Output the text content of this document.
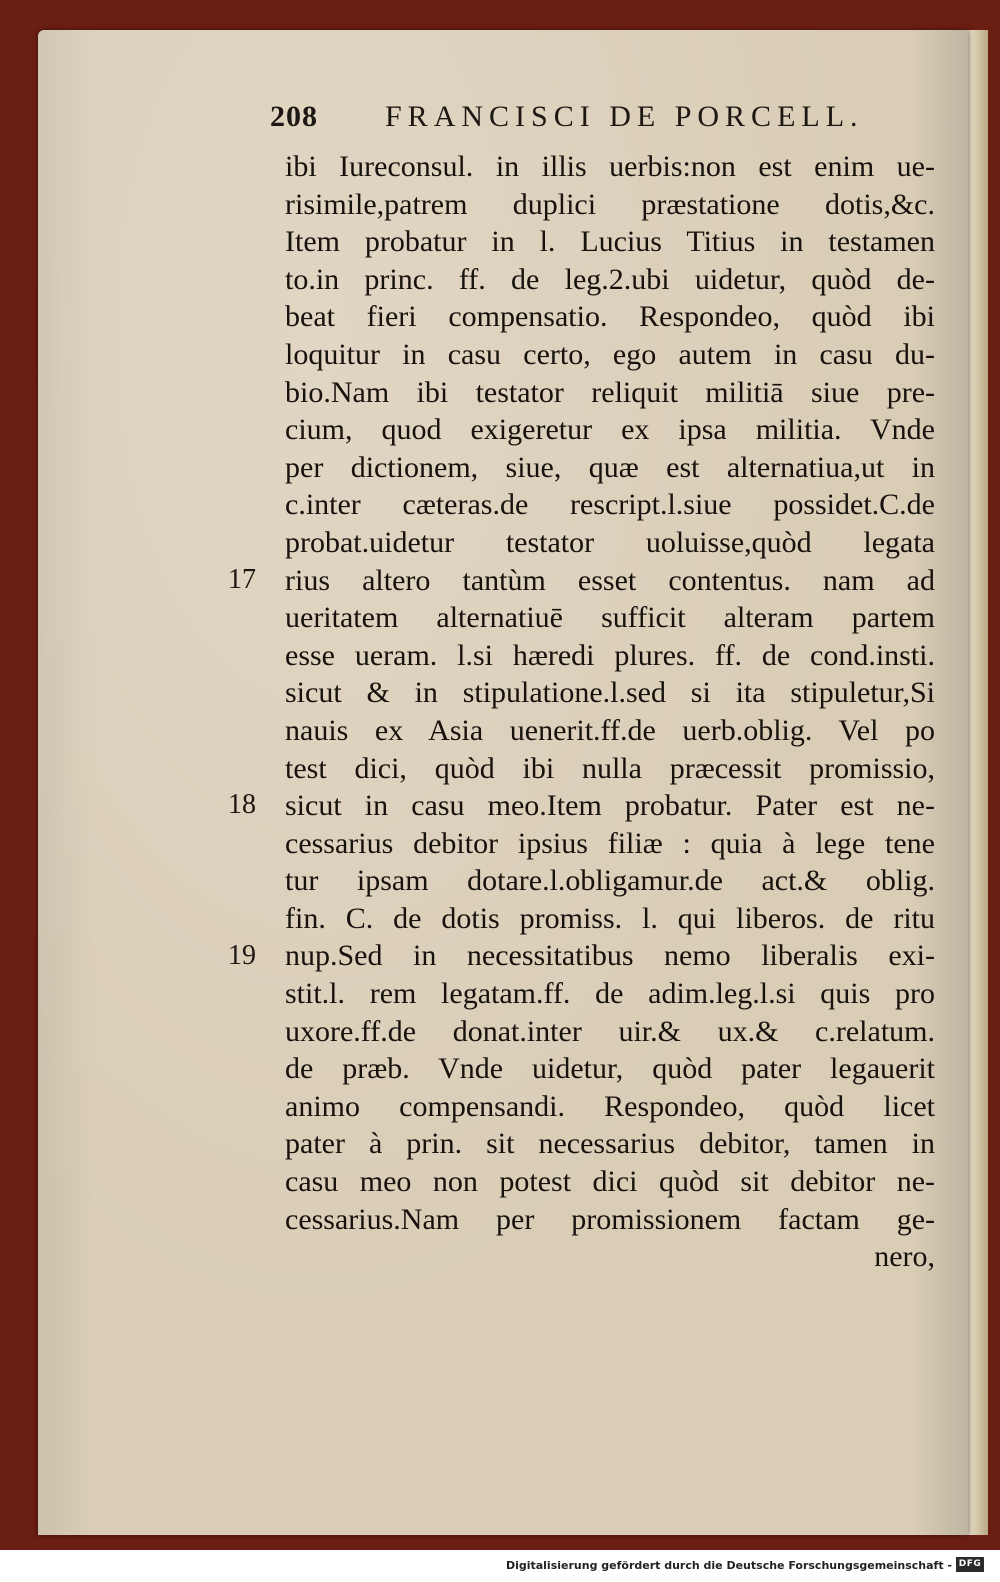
208 FRANCISCI DE PORCELL.
ibi Iureconsul. in illis uerbis:non est enim ue-
risimile,patrem duplici præstatione dotis,&c.
Item probatur in l. Lucius Titius in testamen
to.in princ. ff. de leg.2.ubi uidetur, quòd de-
beat fieri compensatio. Respondeo, quòd ibi
loquitur in casu certo, ego autem in casu du-
bio.Nam ibi testator reliquit militiā siue pre-
cium, quod exigeretur ex ipsa militia. Vnde
per dictionem, siue, quæ est alternatiua,ut in
c.inter cæteras.de rescript.l.siue possidet.C.de
probat.uidetur testator uoluisse,quòd legata
rius altero tantùm esset contentus. nam ad
ueritatem alternatiuē sufficit alteram partem
esse ueram. l.si hæredi plures. ff. de cond.insti.
sicut & in stipulatione.l.sed si ita stipuletur,Si
nauis ex Asia uenerit.ff.de uerb.oblig. Vel po
test dici, quòd ibi nulla præcessit promissio,
sicut in casu meo.Item probatur. Pater est ne-
cessarius debitor ipsius filiæ : quia à lege tene
tur ipsam dotare.l.obligamur.de act.& oblig.
fin. C. de dotis promiss. l. qui liberos. de ritu
nup.Sed in necessitatibus nemo liberalis exi-
stit.l. rem legatam.ff. de adim.leg.l.si quis pro
uxore.ff.de donat.inter uir.& ux.& c.relatum.
de præb. Vnde uidetur, quòd pater legauerit
animo compensandi. Respondeo, quòd licet
pater à prin. sit necessarius debitor, tamen in
casu meo non potest dici quòd sit debitor ne-
cessarius.Nam per promissionem factam ge-
nero,
17
18
19
Digitalisierung gefördert durch die Deutsche Forschungsgemeinschaft - DFG
